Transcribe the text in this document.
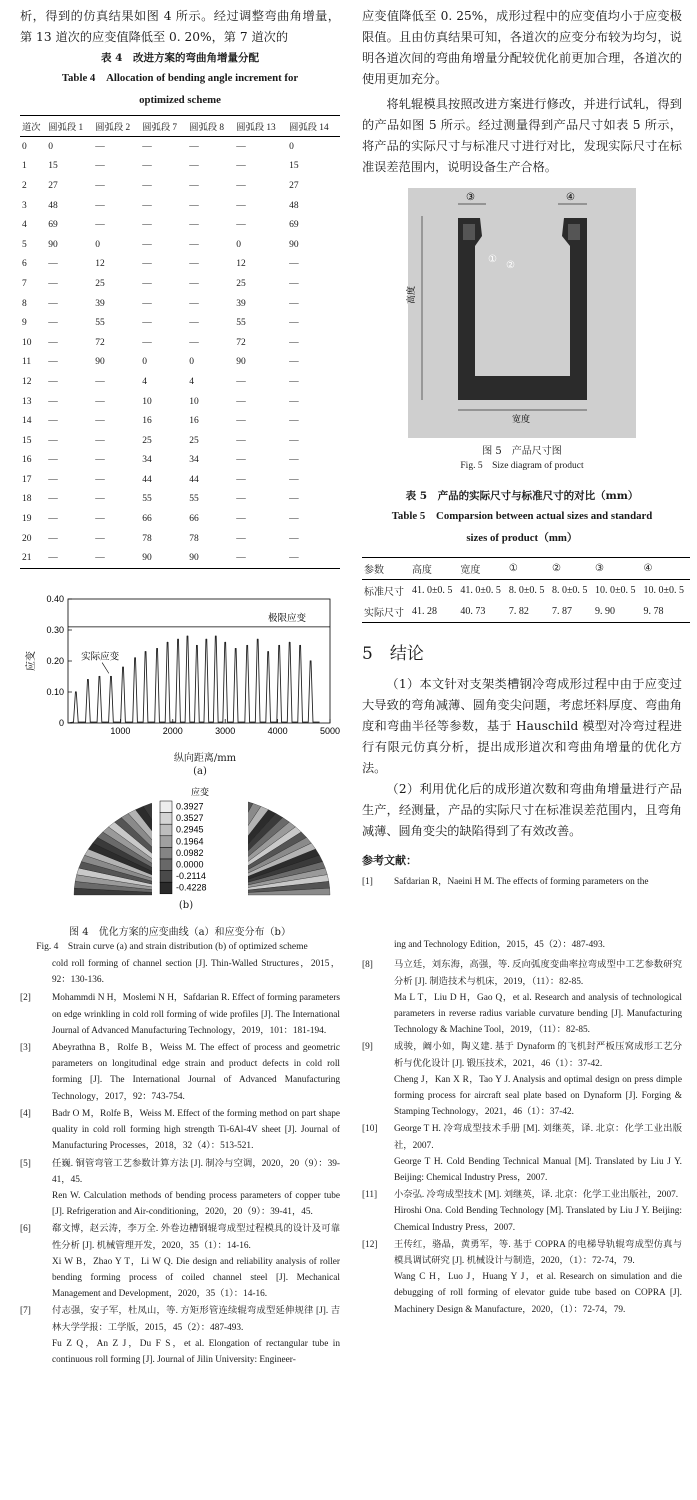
析，得到的仿真结果如图 4 所示。经过调整弯曲角增量，第 13 道次的应变值降低至 0. 20%，第 7 道次的

表 4　改进方案的弯曲角增量分配

Table 4　Allocation of bending angle increment for

optimized scheme

道次	圆弧段 1	圆弧段 2	圆弧段 7	圆弧段 8	圆弧段 13	圆弧段 14
0	0	—	—	—	—	0
1	15	—	—	—	—	15
2	27	—	—	—	—	27
3	48	—	—	—	—	48
4	69	—	—	—	—	69
5	90	0	—	—	0	90
6	—	12	—	—	12	—
7	—	25	—	—	25	—
8	—	39	—	—	39	—
9	—	55	—	—	55	—
10	—	72	—	—	72	—
11	—	90	0	0	90	—
12	—	—	4	4	—	—
13	—	—	10	10	—	—
14	—	—	16	16	—	—
15	—	—	25	25	—	—
16	—	—	34	34	—	—
17	—	—	44	44	—	—
18	—	—	55	55	—	—
19	—	—	66	66	—	—
20	—	—	78	78	—	—
21	—	—	90	90	—	—
0
0.10
0.20
0.30
0.40
1000	2000	3000	4000	5000
应变
极限应变
实际应变
纵向距离/mm
(a)
应变
0.3927
0.3527
0.2945
0.1964
0.0982
0.0000
-0.2114
-0.4228
(b)

图 4　优化方案的应变曲线（a）和应变分布（b）

Fig. 4　Strain curve (a) and strain distribution (b) of optimized scheme

cold roll forming of channel section [J]. Thin-Walled Structures，2015，92：130-136.
[2]	Mohammdi N H，Moslemi N H，Safdarian R. Effect of forming parameters on edge wrinkling in cold roll forming of wide profiles [J]. The International Journal of Advanced Manufacturing Technology，2019，101：181-194.

[3]	Abeyrathna B，Rolfe B，Weiss M. The effect of process and geometric parameters on longitudinal edge strain and product defects in cold roll forming [J]. The International Journal of Advanced Manufacturing Technology，2017，92：743-754.

[4]	Badr O M，Rolfe B，Weiss M. Effect of the forming method on part shape quality in cold roll forming high strength Ti-6Al-4V sheet [J]. Journal of Manufacturing Processes，2018，32（4）：513-521.

[5]	任巍. 铜管弯管工艺参数计算方法 [J]. 制冷与空调，2020，20（9）：39-41，45.

Ren W. Calculation methods of bending process parameters of copper tube [J]. Refrigeration and Air-conditioning，2020，20（9）：39-41，45.

[6]	郗文博，赵云涛，李万全. 外卷边槽钢辊弯成型过程模具的设计及可靠性分析 [J]. 机械管理开发，2020，35（1）：14-16.

Xi W B，Zhao Y T，Li W Q. Die design and reliability analysis of roller bending forming process of coiled channel steel [J]. Mechanical Management and Development，2020，35（1）：14-16.

[7]	付志强，安子军，杜凤山，等. 方矩形管连续辊弯成型延伸规律 [J]. 吉林大学学报：工学版，2015，45（2）：487-493.

Fu Z Q，An Z J，Du F S，et al. Elongation of rectangular tube in continuous roll forming [J]. Journal of Jilin University: Engineer-

应变值降低至 0. 25%，成形过程中的应变值均小于应变极限值。且由仿真结果可知，各道次的应变分布较为均匀，说明各道次间的弯曲角增量分配较优化前更加合理，各道次的使用更加充分。

将轧辊模具按照改进方案进行修改，并进行试轧，得到的产品如图 5 所示。经过测量得到产品尺寸如表 5 所示，将产品的实际尺寸与标准尺寸进行对比，发现实际尺寸在标准误差范围内，说明设备生产合格。

③	④
①
②
高度
宽度

图 5　产品尺寸图

Fig. 5　Size diagram of product

表 5　产品的实际尺寸与标准尺寸的对比（mm）

Table 5　Comparsion between actual sizes and standard

sizes of product（mm）

参数	高度	宽度	①	②	③	④
标准尺寸	41. 0±0. 5	41. 0±0. 5	8. 0±0. 5	8. 0±0. 5	10. 0±0. 5	10. 0±0. 5
实际尺寸	41. 28	40. 73	7. 82	7. 87	9. 90	9. 78
5　结论

（1）本文针对支架类槽钢冷弯成形过程中由于应变过大导致的弯角减薄、圆角变尖问题，考虑坯料厚度、弯曲角度和弯曲半径等参数，基于 Hauschild 模型对冷弯过程进行有限元仿真分析，提出成形道次和弯曲角增量的优化方法。

（2）利用优化后的成形道次数和弯曲角增量进行产品生产，经测量，产品的实际尺寸在标准误差范围内，且弯角减薄、圆角变尖的缺陷得到了有效改善。

参考文献：
[1]	Safdarian R，Naeini H M. The effects of forming parameters on the

ing and Technology Edition，2015，45（2）：487-493.

[8]	马立廷，刘东海，高强，等. 反向弧度变曲率拉弯成型中工艺参数研究分析 [J]. 制造技术与机床，2019，（11）：82-85.

Ma L T，Liu D H，Gao Q，et al. Research and analysis of technological parameters in reverse radius variable curvature bending [J]. Manufacturing Technology & Machine Tool，2019，（11）：82-85.

[9]	成骏，阚小如，陶义建. 基于 Dynaform 的飞机封严板压窝成形工艺分析与优化设计 [J]. 锻压技术，2021，46（1）：37-42.

Cheng J，Kan X R，Tao Y J. Analysis and optimal design on press dimple forming process for aircraft seal plate based on Dynaform [J]. Forging & Stamping Technology，2021，46（1）：37-42.

[10]	George T H. 冷弯成型技术手册 [M]. 刘继英，译. 北京：化学工业出版社，2007.

George T H. Cold Bending Technical Manual [M]. Translated by Liu J Y. Beijing: Chemical Industry Press，2007.

[11]	小奈弘. 冷弯成型技术 [M]. 刘继英，译. 北京：化学工业出版社，2007.

Hiroshi Ona. Cold Bending Technology [M]. Translated by Liu J Y. Beijing: Chemical Industry Press，2007.

[12]	王传红，骆晶，黄勇军，等. 基于 COPRA 的电梯导轨辊弯成型仿真与模具调试研究 [J]. 机械设计与制造，2020，（1）：72-74，79.

Wang C H，Luo J，Huang Y J，et al. Research on simulation and die debugging of roll forming of elevator guide tube based on COPRA [J]. Machinery Design & Manufacture，2020，（1）：72-74，79.
